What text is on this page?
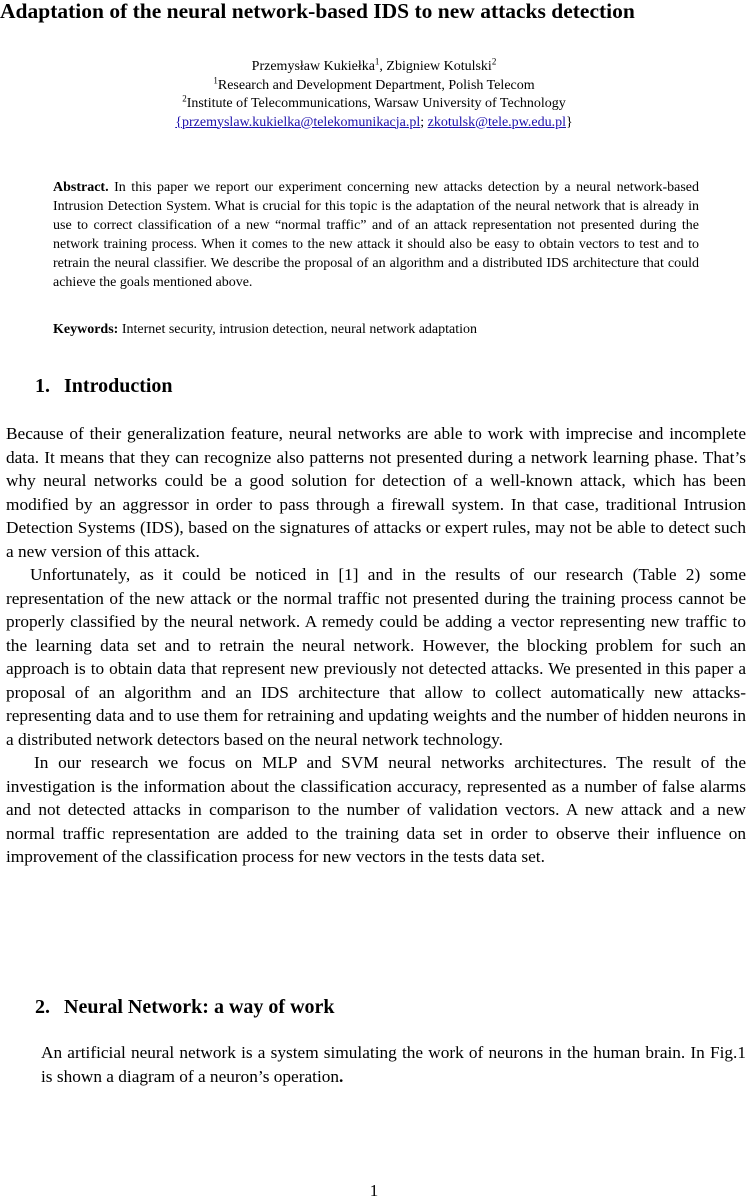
Adaptation of the neural network-based IDS to new attacks detection
Przemysław Kukiełka$^1$, Zbigniew Kotulski$^2$
$^1$Research and Development Department, Polish Telecom
$^2$Institute of Telecommunications, Warsaw University of Technology
{przemyslaw.kukielka@telekomunikacja.pl; zkotulsk@tele.pw.edu.pl}
Abstract. In this paper we report our experiment concerning new attacks detection by a neural network-based Intrusion Detection System. What is crucial for this topic is the adaptation of the neural network that is already in use to correct classification of a new “normal traffic” and of an attack representation not presented during the network training process. When it comes to the new attack it should also be easy to obtain vectors to test and to retrain the neural classifier. We describe the proposal of an algorithm and a distributed IDS architecture that could achieve the goals mentioned above.
Keywords: Internet security, intrusion detection, neural network adaptation
1. Introduction

Because of their generalization feature, neural networks are able to work with imprecise and incomplete data. It means that they can recognize also patterns not presented during a network learning phase. That’s why neural networks could be a good solution for detection of a well-known attack, which has been modified by an aggressor in order to pass through a firewall system. In that case, traditional Intrusion Detection Systems (IDS), based on the signatures of attacks or expert rules, may not be able to detect such a new version of this attack.

Unfortunately, as it could be noticed in [1] and in the results of our research (Table 2) some representation of the new attack or the normal traffic not presented during the training process cannot be properly classified by the neural network. A remedy could be adding a vector representing new traffic to the learning data set and to retrain the neural network. However, the blocking problem for such an approach is to obtain data that represent new previously not detected attacks. We presented in this paper a proposal of an algorithm and an IDS architecture that allow to collect automatically new attacks-representing data and to use them for retraining and updating weights and the number of hidden neurons in a distributed network detectors based on the neural network technology.

In our research we focus on MLP and SVM neural networks architectures. The result of the investigation is the information about the classification accuracy, represented as a number of false alarms and not detected attacks in comparison to the number of validation vectors. A new attack and a new normal traffic representation are added to the training data set in order to observe their influence on improvement of the classification process for new vectors in the tests data set.

2. Neural Network: a way of work
An artificial neural network is a system simulating the work of neurons in the human brain. In Fig.1 is shown a diagram of a neuron’s operation.
1
